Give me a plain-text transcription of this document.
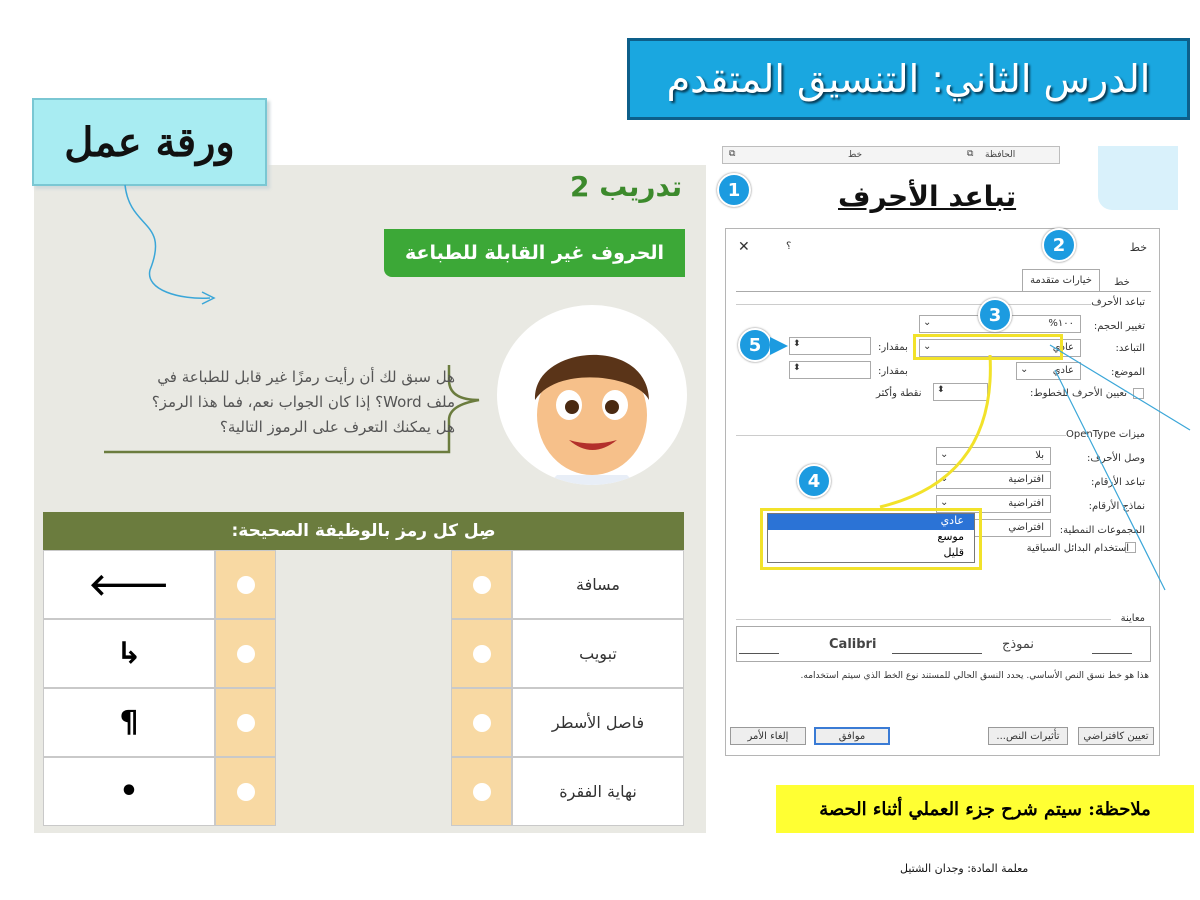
الدرس الثاني: التنسيق المتقدم
ورقة عمل
تدريب 2
الحروف غير القابلة للطباعة
هل سبق لك أن رأيت رمزًا غير قابل للطباعة في
ملف Word؟ إذا كان الجواب نعم، فما هذا الرمز؟
هل يمكنك التعرف على الرموز التالية؟
صِل كل رمز بالوظيفة الصحيحة:
🡐	مسافة
↳	تبويب
¶	فاصل الأسطر
•	نهاية الفقرة
الحافظة
خط
⧉	⧉
تباعد الأحرف
خط
✕	؟
خيارات متقدمة خط
تباعد الأحرف
تغيير الحجم:
١٠٠%
⌄
التباعد:
عادي
⌄
بمقدار:
⬍
الموضع:
عادي
⌄
بمقدار:
⬍
تعيين الأحرف للخطوط:
⬍
نقطة وأكثر
ميزات OpenType
وصل الأحرف:
بلا
⌄
تباعد الأرقام:
افتراضية
⌄
نماذج الأرقام:
افتراضية
⌄
المجموعات النمطية:
افتراضي
استخدام البدائل السياقية
معاينة
Calibri	نموذج
هذا هو خط نسق النص الأساسي. يحدد النسق الحالي للمستند نوع الخط الذي سيتم استخدامه.
تعيين كافتراضي
تأثيرات النص...
موافق
إلغاء الأمر
عادي
موسع
قليل
1
2
3
4
5
ملاحظة: سيتم شرح جزء العملي أثناء الحصة
معلمة المادة: وجدان الشتيل
